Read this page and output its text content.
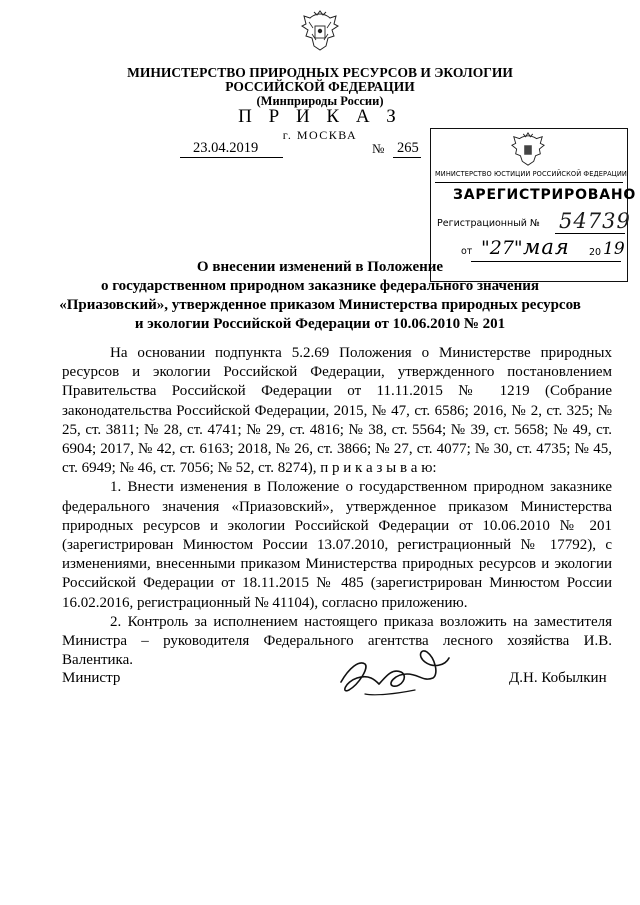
МИНИСТЕРСТВО ПРИРОДНЫХ РЕСУРСОВ И ЭКОЛОГИИ
РОССИЙСКОЙ ФЕДЕРАЦИИ
(Минприроды России)
П Р И К А З
г. МОСКВА
23.04.2019	№ 265
МИНИСТЕРСТВО ЮСТИЦИИ РОССИЙСКОЙ ФЕДЕРАЦИИ
ЗАРЕГИСТРИРОВАНО
Регистрационный № 54739
от "27" мая 20 19
О внесении изменений в Положение
о государственном природном заказнике федерального значения
«Приазовский», утвержденное приказом Министерства природных ресурсов
и экологии Российской Федерации от 10.06.2010 № 201

На основании подпункта 5.2.69 Положения о Министерстве природных ресурсов и экологии Российской Федерации, утвержденного постановлением Правительства Российской Федерации от 11.11.2015 № 1219 (Собрание законодательства Российской Федерации, 2015, № 47, ст. 6586; 2016, № 2, ст. 325; № 25, ст. 3811; № 28, ст. 4741; № 29, ст. 4816; № 38, ст. 5564; № 39, ст. 5658; № 49, ст. 6904; 2017, № 42, ст. 6163; 2018, № 26, ст. 3866; № 27, ст. 4077; № 30, ст. 4735; № 45, ст. 6949; № 46, ст. 7056; № 52, ст. 8274), п р и к а з ы в а ю:

1. Внести изменения в Положение о государственном природном заказнике федерального значения «Приазовский», утвержденное приказом Министерства природных ресурсов и экологии Российской Федерации от 10.06.2010 № 201 (зарегистрирован Минюстом России 13.07.2010, регистрационный № 17792), с изменениями, внесенными приказом Министерства природных ресурсов и экологии Российской Федерации от 18.11.2015 № 485 (зарегистрирован Минюстом России 16.02.2016, регистрационный № 41104), согласно приложению.

2. Контроль за исполнением настоящего приказа возложить на заместителя Министра – руководителя Федерального агентства лесного хозяйства И.В. Валентика.

Министр	Д.Н. Кобылкин
